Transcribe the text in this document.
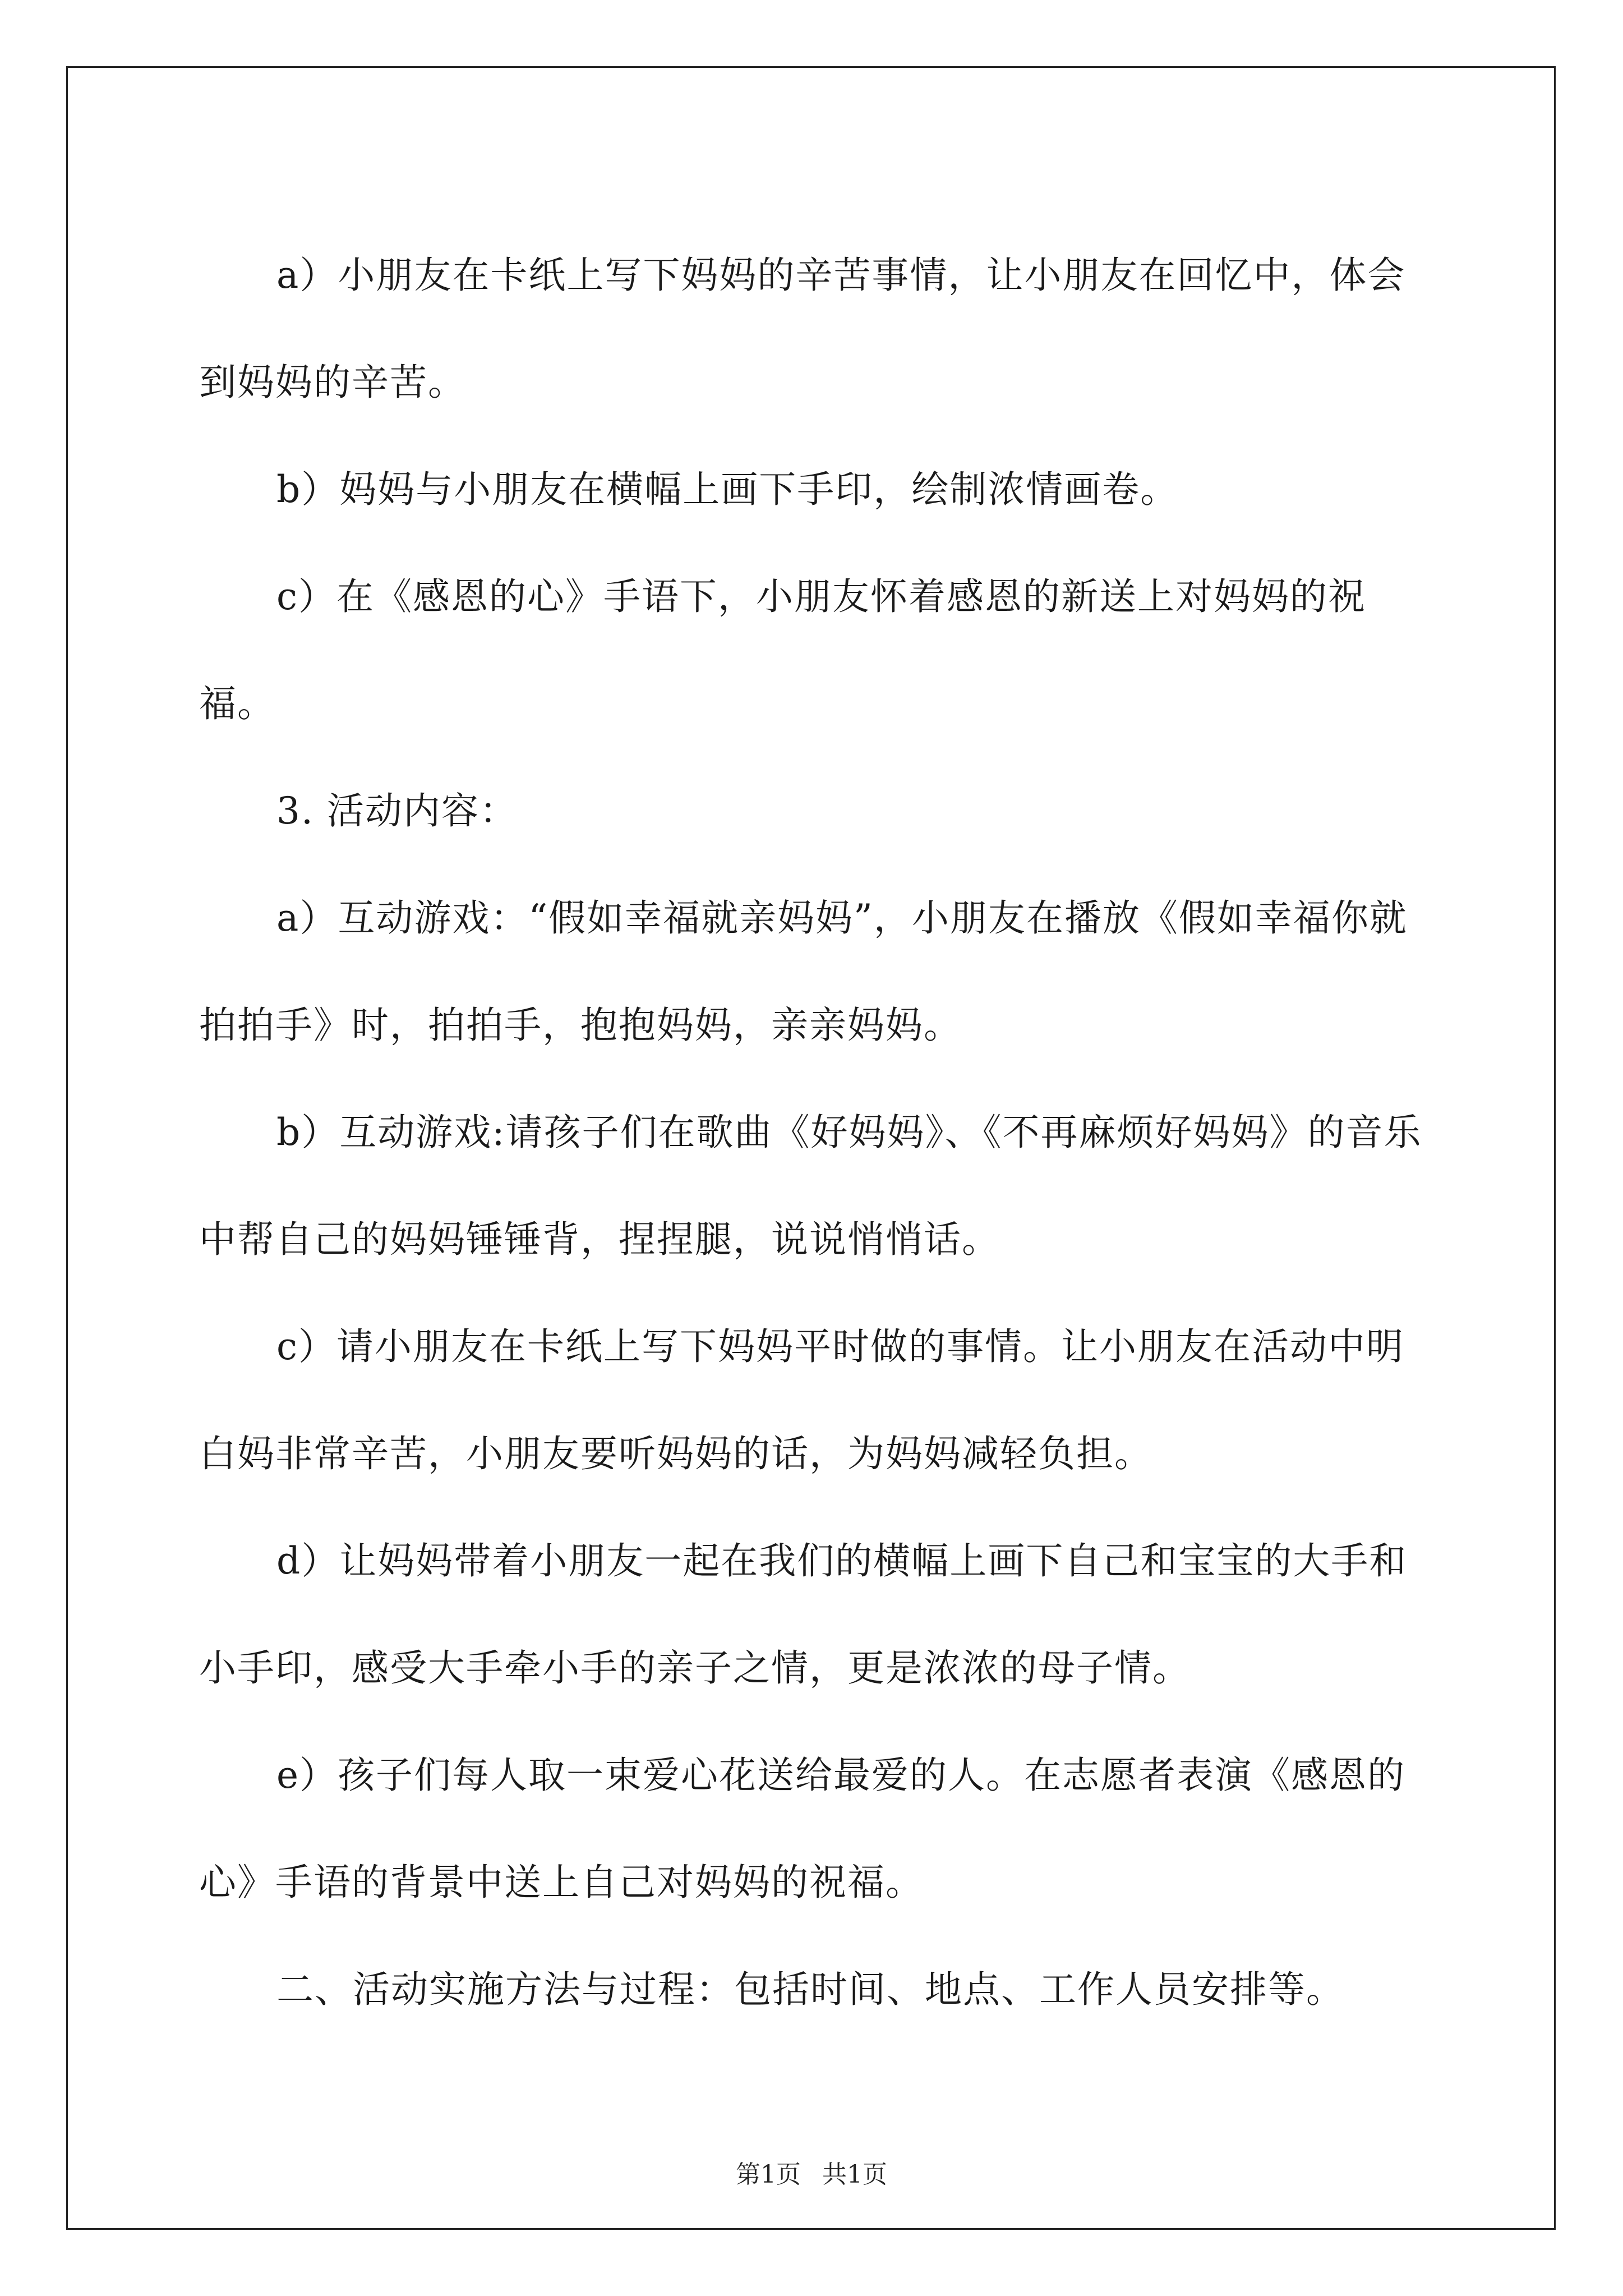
a）小朋友在卡纸上写下妈妈的辛苦事情，让小朋友在回忆中，体会到妈妈的辛苦。

b）妈妈与小朋友在横幅上画下手印，绘制浓情画卷。

c）在《感恩的心》手语下，小朋友怀着感恩的新送上对妈妈的祝福。

3. 活动内容：

a）互动游戏：“假如幸福就亲妈妈”，小朋友在播放《假如幸福你就拍拍手》时，拍拍手，抱抱妈妈，亲亲妈妈。

b）互动游戏:请孩子们在歌曲《好妈妈》、《不再麻烦好妈妈》的音乐中帮自己的妈妈锤锤背，捏捏腿，说说悄悄话。

c）请小朋友在卡纸上写下妈妈平时做的事情。让小朋友在活动中明白妈非常辛苦，小朋友要听妈妈的话，为妈妈减轻负担。

d）让妈妈带着小朋友一起在我们的横幅上画下自己和宝宝的大手和小手印，感受大手牵小手的亲子之情，更是浓浓的母子情。

e）孩子们每人取一束爱心花送给最爱的人。在志愿者表演《感恩的心》手语的背景中送上自己对妈妈的祝福。

二、活动实施方法与过程：包括时间、地点、工作人员安排等。

第1页 共1页
